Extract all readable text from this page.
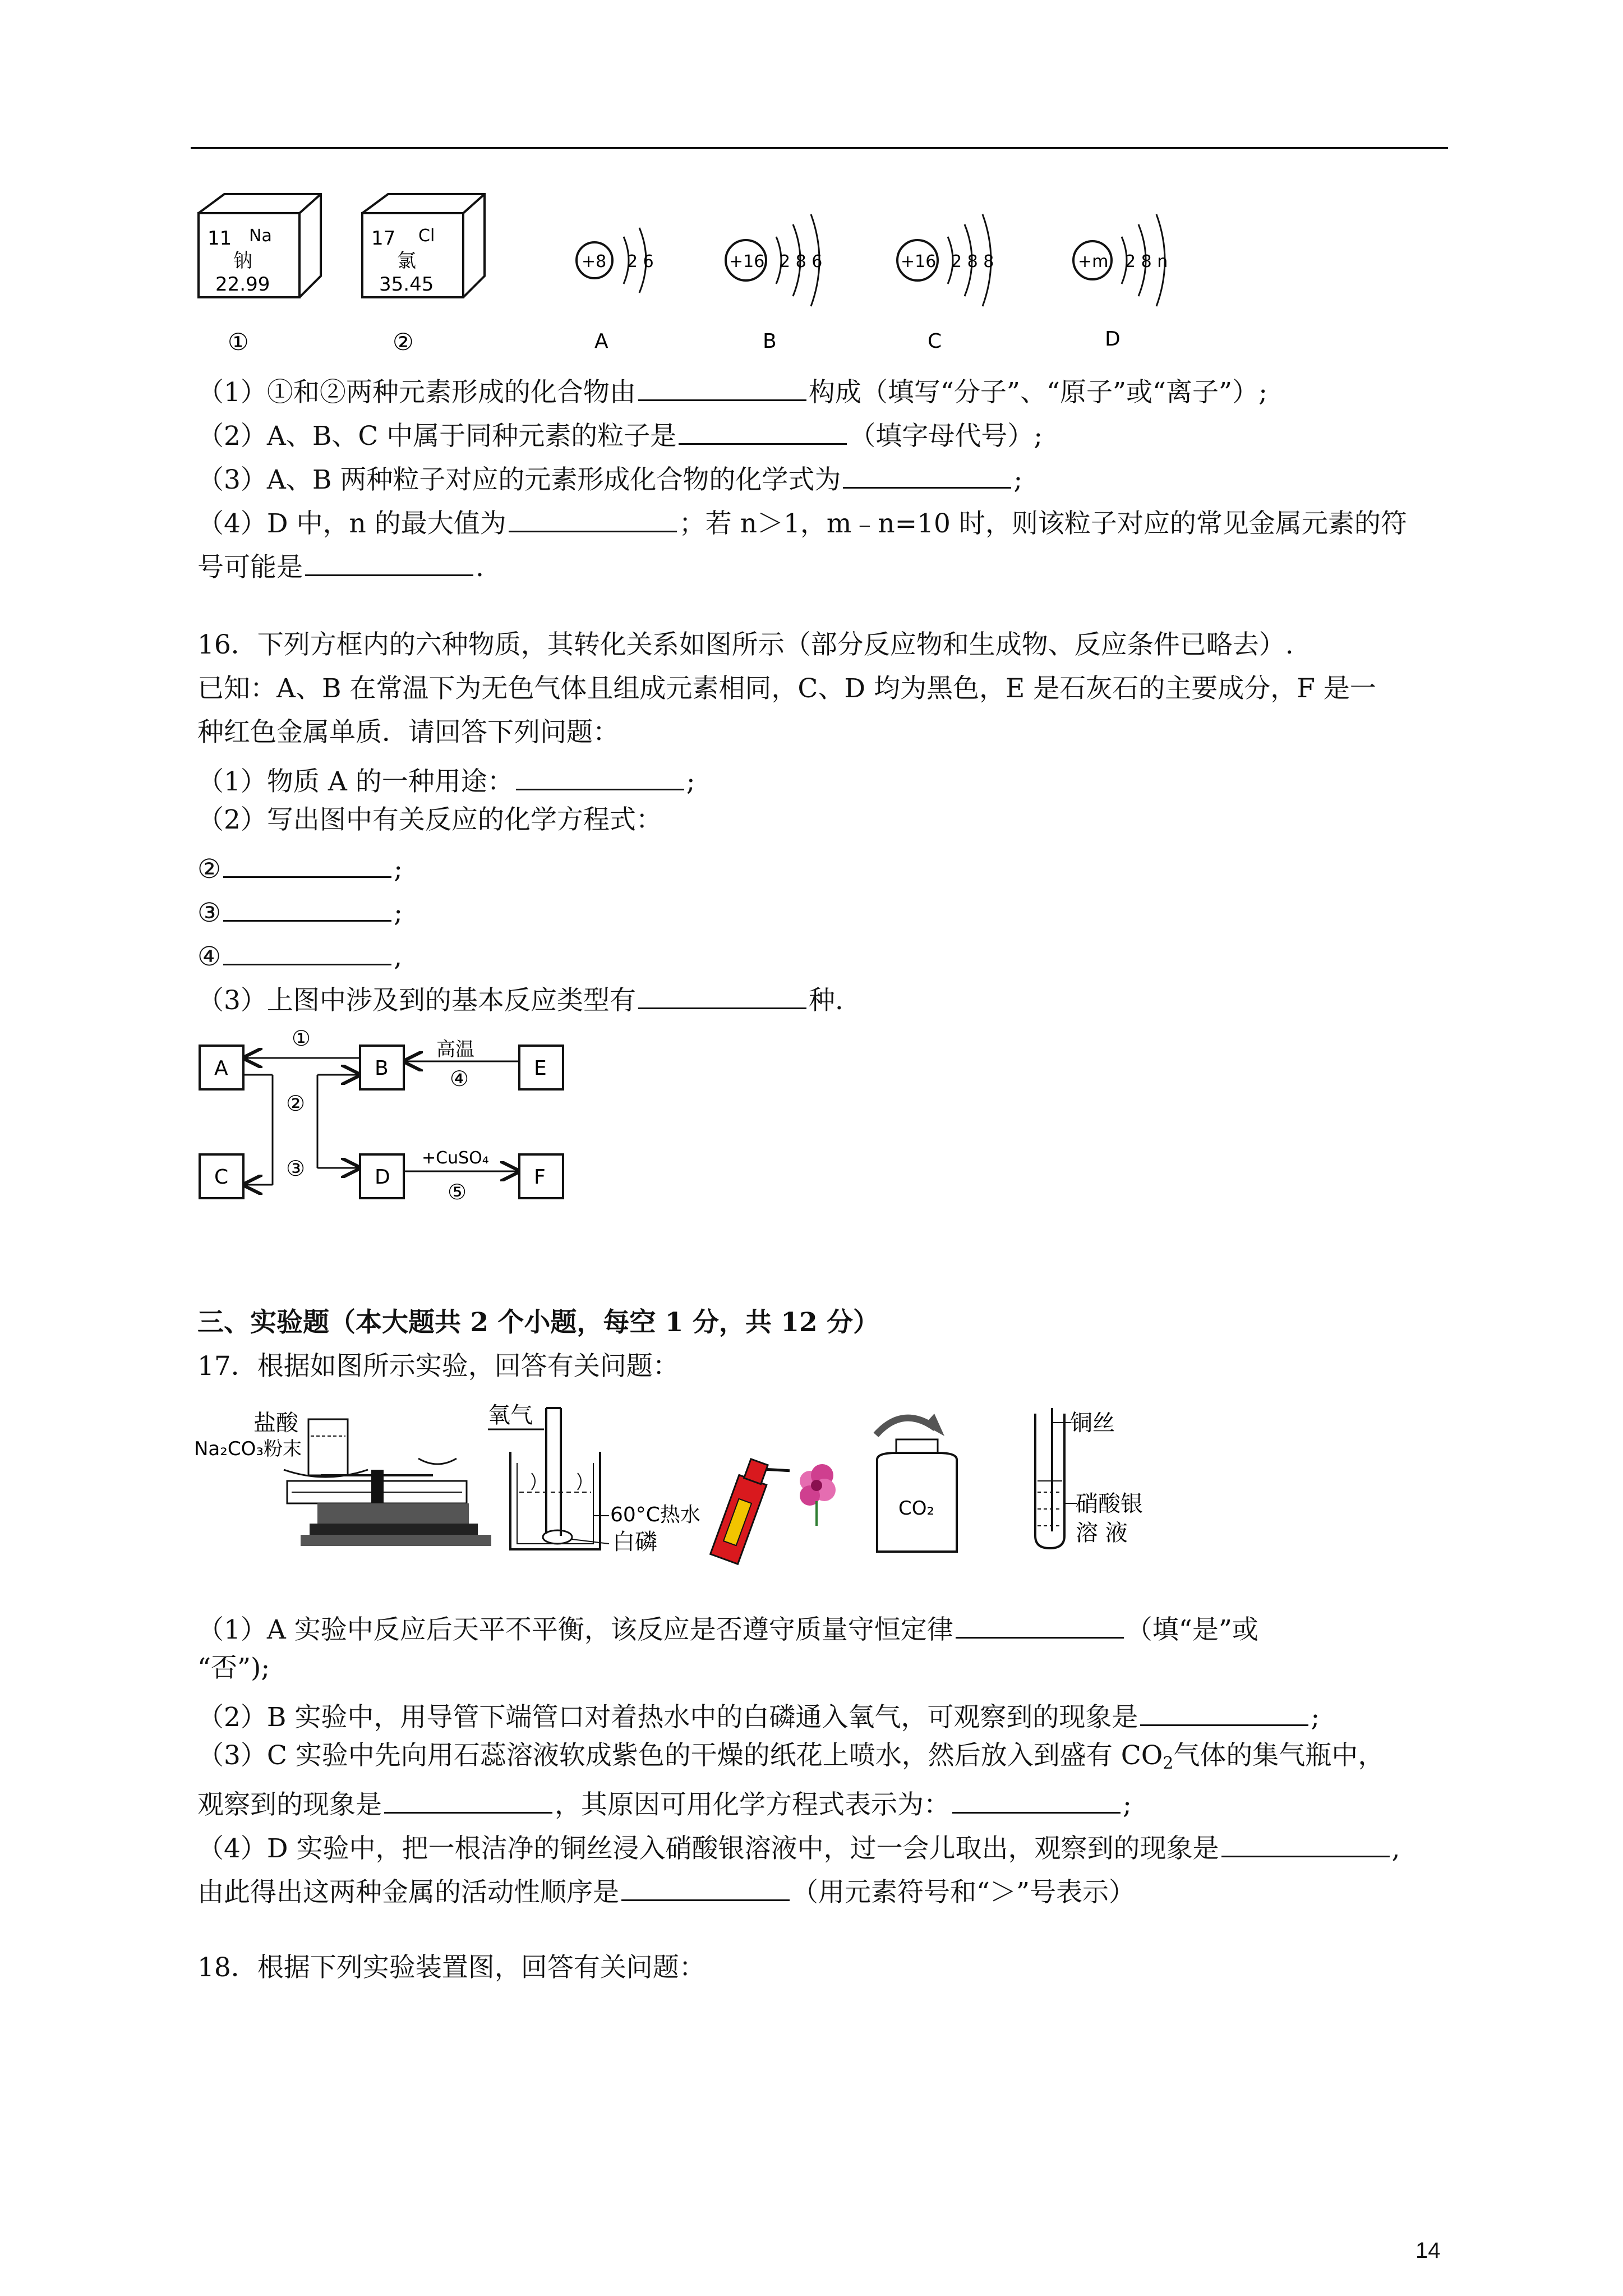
11 Na
钠
22.99
17 Cl
氯
35.45
+8 2 6	+16 2 8 6	+16 2 8 8	+m 2 8 n
①	②	A	B	C	D
（1）①和②两种元素形成的化合物由	构成（填写“分子”、“原子”或“离子”）;
（2）A、B、C 中属于同种元素的粒子是	（填字母代号）;
（3）A、B 两种粒子对应的元素形成化合物的化学式为	;
（4）D 中，n 的最大值为	；若 n＞1，m﹣n=10 时，则该粒子对应的常见金属元素的符
号可能是	.
16．下列方框内的六种物质，其转化关系如图所示（部分反应物和生成物、反应条件已略去）.
已知：A、B 在常温下为无色气体且组成元素相同，C、D 均为黑色，E 是石灰石的主要成分，F 是一
种红色金属单质．请回答下列问题：
（1）物质 A 的一种用途：	;
（2）写出图中有关反应的化学方程式：
②	;
③	;
④	,
（3）上图中涉及到的基本反应类型有	种.
A	B	E
C	D	F
①	高温
④
②
③	+CuSO₄
⑤
三、实验题（本大题共 2 个小题，每空 1 分，共 12 分）
17．根据如图所示实验，回答有关问题：
盐酸
Na₂CO₃粉末
氧气
60°C热水
白磷
CO₂
铜丝
硝酸银
溶 液
（1）A 实验中反应后天平不平衡，该反应是否遵守质量守恒定律	（填“是”或
“否”);
（2）B 实验中，用导管下端管口对着热水中的白磷通入氧气，可观察到的现象是	;
（3）C 实验中先向用石蕊溶液软成紫色的干燥的纸花上喷水，然后放入到盛有 $CO_2$气体的集气瓶中，
观察到的现象是	，其原因可用化学方程式表示为：	;
（4）D 实验中，把一根洁净的铜丝浸入硝酸银溶液中，过一会儿取出，观察到的现象是	,
由此得出这两种金属的活动性顺序是	（用元素符号和“＞”号表示）
18．根据下列实验装置图，回答有关问题：
14
